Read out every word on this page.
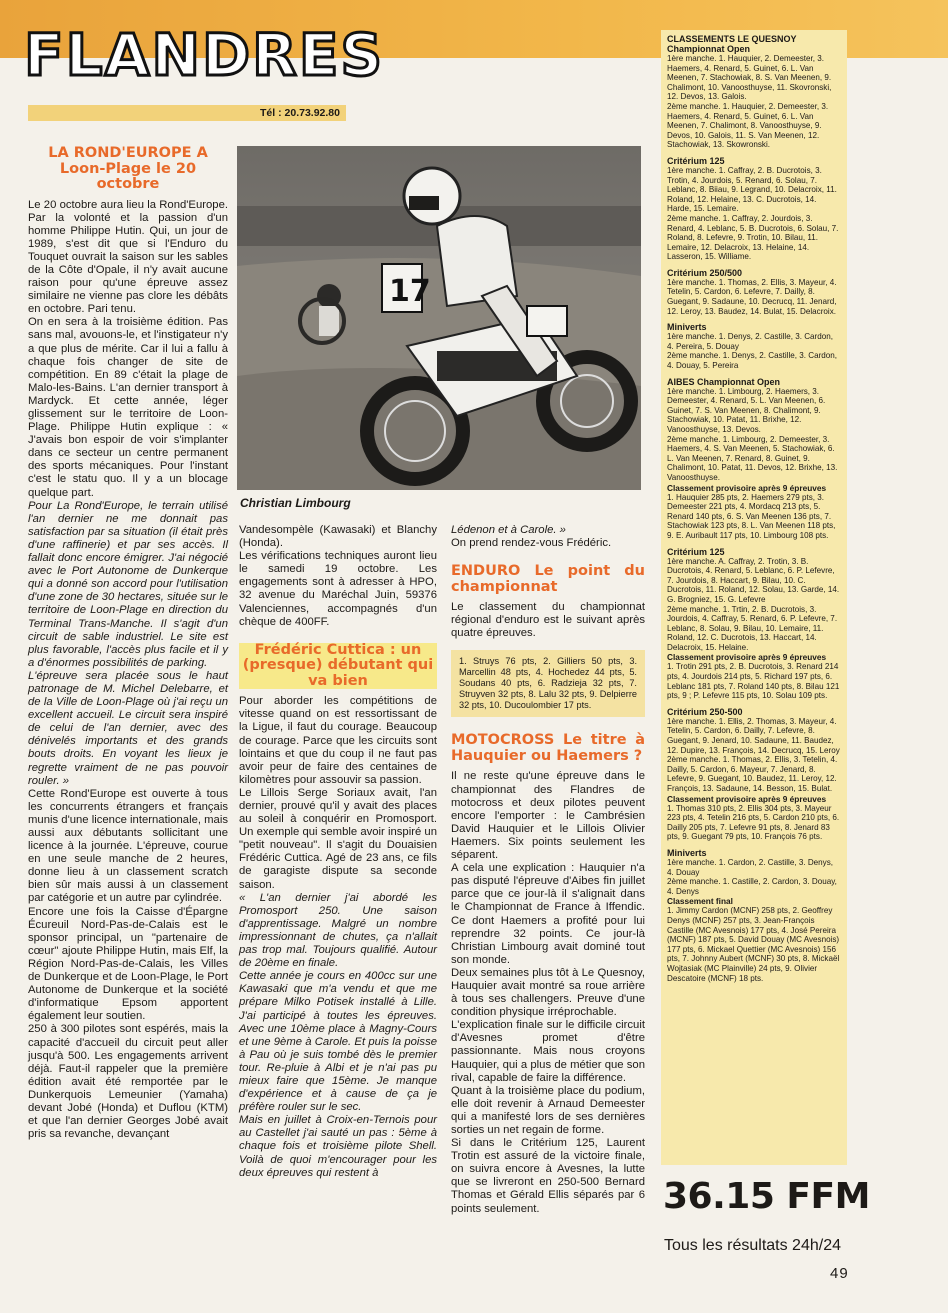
FLANDRES
Tél : 20.73.92.80
LA ROND'EUROPE A Loon-Plage le 20 octobre

Le 20 octobre aura lieu la Rond'Europe. Par la volonté et la passion d'un homme Philippe Hutin. Qui, un jour de 1989, s'est dit que si l'Enduro du Touquet ouvrait la saison sur les sables de la Côte d'Opale, il n'y avait aucune raison pour qu'une épreuve assez similaire ne vienne pas clore les débâts en octobre. Pari tenu.

On en sera à la troisième édition. Pas sans mal, avouons-le, et l'instigateur n'y a que plus de mérite. Car il lui a fallu à chaque fois changer de site de compétition. En 89 c'était la plage de Malo-les-Bains. L'an dernier transport à Mardyck. Et cette année, léger glissement sur le territoire de Loon-Plage. Philippe Hutin explique : « J'avais bon espoir de voir s'implanter dans ce secteur un centre permanent des sports mécaniques. Pour l'instant c'est le statu quo. Il y a un blocage quelque part.

Pour La Rond'Europe, le terrain utilisé l'an dernier ne me donnait pas satisfaction par sa situation (il était près d'une raffinerie) et par ses accès. Il fallait donc encore émigrer. J'ai négocié avec le Port Autonome de Dunkerque qui a donné son accord pour l'utilisation d'une zone de 30 hectares, située sur le territoire de Loon-Plage en direction du Terminal Trans-Manche. Il s'agit d'un circuit de sable industriel. Le site est plus favorable, l'accès plus facile et il y a d'énormes possibilités de parking.

L'épreuve sera placée sous le haut patronage de M. Michel Delebarre, et de la Ville de Loon-Plage où j'ai reçu un excellent accueil. Le circuit sera inspiré de celui de l'an dernier, avec des dénivelés importants et des grands bouts droits. En voyant les lieux je regrette vraiment de ne pas pouvoir rouler. »

Cette Rond'Europe est ouverte à tous les concurrents étrangers et français munis d'une licence internationale, mais aussi aux débutants sollicitant une licence à la journée. L'épreuve, courue en une seule manche de 2 heures, donne lieu à un classement scratch bien sûr mais aussi à un classement par catégorie et un autre par cylindrée.

Encore une fois la Caisse d'Épargne Écureuil Nord-Pas-de-Calais est le sponsor principal, un "partenaire de cœur" ajoute Philippe Hutin, mais Elf, la Région Nord-Pas-de-Calais, les Villes de Dunkerque et de Loon-Plage, le Port Autonome de Dunkerque et la société d'informatique Epsom apportent également leur soutien.

250 à 300 pilotes sont espérés, mais la capacité d'accueil du circuit peut aller jusqu'à 500. Les engagements arrivent déjà. Faut-il rappeler que la première édition avait été remportée par le Dunkerquois Lemeunier (Yamaha) devant Jobé (Honda) et Duflou (KTM) et que l'an dernier Georges Jobé avait pris sa revanche, devançant

17
Christian Limbourg

Vandesompèle (Kawasaki) et Blanchy (Honda).

Les vérifications techniques auront lieu le samedi 19 octobre. Les engagements sont à adresser à HPO, 32 avenue du Maréchal Juin, 59376 Valenciennes, accompagnés d'un chèque de 400FF.

Frédéric Cuttica : un (presque) débutant qui va bien

Pour aborder les compétitions de vitesse quand on est ressortissant de la Ligue, il faut du courage. Beaucoup de courage. Parce que les circuits sont lointains et que du coup il ne faut pas avoir peur de faire des centaines de kilomètres pour assouvir sa passion.

Le Lillois Serge Soriaux avait, l'an dernier, prouvé qu'il y avait des places au soleil à conquérir en Promosport. Un exemple qui semble avoir inspiré un "petit nouveau". Il s'agit du Douaisien Frédéric Cuttica. Agé de 23 ans, ce fils de garagiste dispute sa seconde saison.

« L'an dernier j'ai abordé les Promosport 250. Une saison d'apprentissage. Malgré un nombre impressionnant de chutes, ça n'allait pas trop mal. Toujours qualifié. Autour de 20ème en finale.

Cette année je cours en 400cc sur une Kawasaki que m'a vendu et que me prépare Milko Potisek installé à Lille. J'ai participé à toutes les épreuves. Avec une 10ème place à Magny-Cours et une 9ème à Carole. Et puis la poisse à Pau où je suis tombé dès le premier tour. Re-pluie à Albi et je n'ai pas pu mieux faire que 15ème. Je manque d'expérience et à cause de ça je préfère rouler sur le sec.

Mais en juillet à Croix-en-Ternois pour au Castellet j'ai sauté un pas : 5ème à chaque fois et troisième pilote Shell. Voilà de quoi m'encourager pour les deux épreuves qui restent à

Lédenon et à Carole. »

On prend rendez-vous Frédéric.

ENDURO Le point du championnat

Le classement du championnat régional d'enduro est le suivant après quatre épreuves.

1. Struys 76 pts, 2. Gilliers 50 pts, 3. Marcellin 48 pts, 4. Hochedez 44 pts, 5. Soudans 40 pts, 6. Radzieja 32 pts, 7. Struyven 32 pts, 8. Lalu 32 pts, 9. Delpierre 32 pts, 10. Ducoulombier 17 pts.
MOTOCROSS Le titre à Hauquier ou Haemers ?

Il ne reste qu'une épreuve dans le championnat des Flandres de motocross et deux pilotes peuvent encore l'emporter : le Cambrésien David Hauquier et le Lillois Olivier Haemers. Six points seulement les séparent.

A cela une explication : Hauquier n'a pas disputé l'épreuve d'Aibes fin juillet parce que ce jour-là il s'alignait dans le Championnat de France à Iffendic. Ce dont Haemers a profité pour lui reprendre 32 points. Ce jour-là Christian Limbourg avait dominé tout son monde.

Deux semaines plus tôt à Le Quesnoy, Hauquier avait montré sa roue arrière à tous ses challengers. Preuve d'une condition physique irréprochable.

L'explication finale sur le difficile circuit d'Avesnes promet d'être passionnante. Mais nous croyons Hauquier, qui a plus de métier que son rival, capable de faire la différence.

Quant à la troisième place du podium, elle doit revenir à Arnaud Demeester qui a manifesté lors de ses dernières sorties un net regain de forme.

Si dans le Critérium 125, Laurent Trotin est assuré de la victoire finale, on suivra encore à Avesnes, la lutte que se livreront en 250-500 Bernard Thomas et Gérald Ellis séparés par 6 points seulement.

CLASSEMENTS LE QUESNOY Championnat Open

1ère manche. 1. Hauquier, 2. Demeester, 3. Haemers, 4. Renard, 5. Guinet, 6. L. Van Meenen, 7. Stachowiak, 8. S. Van Meenen, 9. Chalimont, 10. Vanoosthuyse, 11. Skovronski, 12. Devos, 13. Galois.

2ème manche. 1. Hauquier, 2. Demeester, 3. Haemers, 4. Renard, 5. Guinet, 6. L. Van Meenen, 7. Chalimont, 8. Vanoosthuyse, 9. Devos, 10. Galois, 11. S. Van Meenen, 12. Stachowiak, 13. Skowronski.

Critérium 125

1ère manche. 1. Caffray, 2. B. Ducrotois, 3. Trotin, 4. Jourdois, 5. Renard, 6. Solau, 7. Leblanc, 8. Biiau, 9. Legrand, 10. Delacroix, 11. Roland, 12. Helaine, 13. C. Ducrotois, 14. Harde, 15. Lemaire.

2ème manche. 1. Caffray, 2. Jourdois, 3. Renard, 4. Leblanc, 5. B. Ducrotois, 6. Solau, 7. Roland, 8. Lefevre, 9. Trotin, 10. Bilau, 11. Lemaire, 12. Delacroix, 13. Helaine, 14. Lasseron, 15. Williame.

Critérium 250/500

1ère manche. 1. Thomas, 2. Ellis, 3. Mayeur, 4. Tetelin, 5. Cardon, 6. Lefevre, 7. Dailly, 8. Guegant, 9. Sadaune, 10. Decrucq, 11. Jenard, 12. Leroy, 13. Baudez, 14. Bulat, 15. Delacroix.

Miniverts

1ère manche. 1. Denys, 2. Castille, 3. Cardon, 4. Pereira, 5. Douay

2ème manche. 1. Denys, 2. Castille, 3. Cardon, 4. Douay, 5. Pereira

AIBES Championnat Open

1ère manche. 1. Limbourg, 2. Haemers, 3. Demeester, 4. Renard, 5. L. Van Meenen, 6. Guinet, 7. S. Van Meenen, 8. Chalimont, 9. Stachowiak, 10. Patat, 11. Brixhe, 12. Vanoosthuyse, 13. Devos.

2ème manche. 1. Limbourg, 2. Demeester, 3. Haemers, 4. S. Van Meenen, 5. Stachowiak, 6. L. Van Meenen, 7. Renard, 8. Guinet, 9. Chalimont, 10. Patat, 11. Devos, 12. Brixhe, 13. Vanoosthuyse.

Classement provisoire après 9 épreuves

1. Hauquier 285 pts, 2. Haemers 279 pts, 3. Demeester 221 pts, 4. Mordacq 213 pts, 5. Renard 140 pts, 6. S. Van Meenen 136 pts, 7. Stachowiak 123 pts, 8. L. Van Meenen 118 pts, 9. E. Auribault 117 pts, 10. Limbourg 108 pts.

Critérium 125

1ère manche. A. Caffray, 2. Trotin, 3. B. Ducrotois, 4. Renard, 5. Leblanc, 6. P. Lefevre, 7. Jourdois, 8. Haccart, 9. Bilau, 10. C. Ducrotois, 11. Roland, 12. Solau, 13. Garde, 14. G. Brogniez, 15. G. Lefevre

2ème manche. 1. Trtin, 2. B. Ducrotois, 3. Jourdois, 4. Caffray, 5. Renard, 6. P. Lefevre, 7. Leblanc, 8. Solau, 9. Bilau, 10. Lemaire, 11. Roland, 12. C. Ducrotois, 13. Haccart, 14. Delacroix, 15. Helaine.

Classement provisoire après 9 épreuves

1. Trotin 291 pts, 2. B. Ducrotois, 3. Renard 214 pts, 4. Jourdois 214 pts, 5. Richard 197 pts, 6. Leblanc 181 pts, 7. Roland 140 pts, 8. Bilau 121 pts, 9 ; P. Lefevre 115 pts, 10. Solau 109 pts.

Critérium 250-500

1ère manche. 1. Ellis, 2. Thomas, 3. Mayeur, 4. Tetelin, 5. Cardon, 6. Dailly, 7. Lefevre, 8. Guegant, 9. Jenard, 10. Sadaune, 11. Baudez, 12. Dupire, 13. François, 14. Decrucq, 15. Leroy

2ème manche. 1. Thomas, 2. Ellis, 3. Tetelin, 4. Dailly, 5. Cardon, 6. Mayeur, 7. Jenard, 8. Lefevre, 9. Guegant, 10. Baudez, 11. Leroy, 12. François, 13. Sadaune, 14. Besson, 15. Bulat.

Classement provisoire après 9 épreuves

1. Thomas 310 pts, 2. Ellis 304 pts, 3. Mayeur 223 pts, 4. Tetelin 216 pts, 5. Cardon 210 pts, 6. Dailly 205 pts, 7. Lefevre 91 pts, 8. Jenard 83 pts, 9. Guegant 79 pts, 10. François 76 pts.

Miniverts

1ère manche. 1. Cardon, 2. Castille, 3. Denys, 4. Douay

2ème manche. 1. Castille, 2. Cardon, 3. Douay, 4. Denys

Classement final

1. Jimmy Cardon (MCNF) 258 pts, 2. Geoffrey Denys (MCNF) 257 pts, 3. Jean-François Castille (MC Avesnois) 177 pts, 4. José Pereira (MCNF) 187 pts, 5. David Douay (MC Avesnois) 177 pts, 6. Mickael Quettier (MC Avesnois) 156 pts, 7. Johnny Aubert (MCNF) 30 pts, 8. Mickaël Wojtasiak (MC Plainville) 24 pts, 9. Olivier Descatoire (MCNF) 18 pts.

36.15 FFM
Tous les résultats 24h/24
49
